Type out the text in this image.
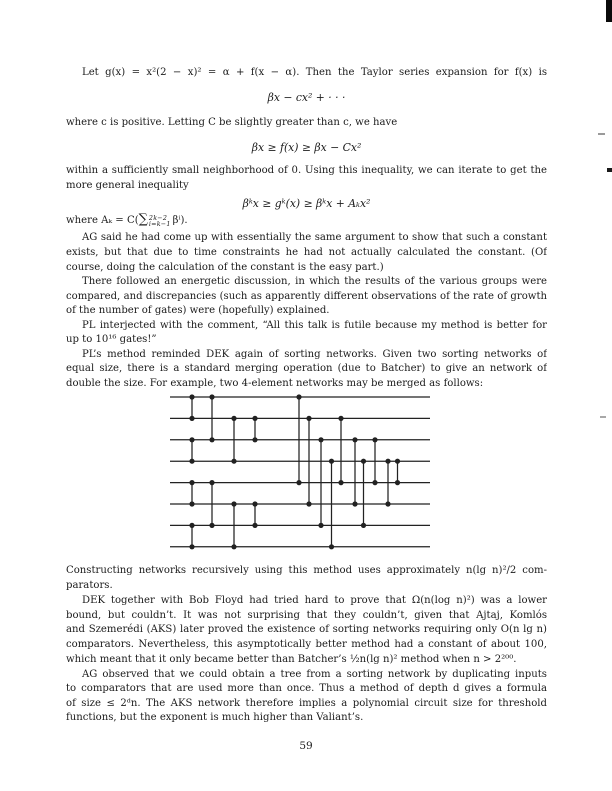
Let g(x) = x²(2 − x)² = α + f(x − α). Then the Taylor series expansion for f(x) is
βx − cx² + · · ·
where c is positive. Letting C be slightly greater than c, we have
βx ≥ f(x) ≥ βx − Cx²
within a sufficiently small neighborhood of 0. Using this inequality, we can iterate to get the
more general inequality
βᵏx ≥ gᵏ(x) ≥ βᵏx + Aₖx²
where Aₖ = C(∑ 2k−2
i=k−1 βⁱ).
AG said he had come up with essentially the same argument to show that such a constant
exists, but that due to time constraints he had not actually calculated the constant. (Of
course, doing the calculation of the constant is the easy part.)
There followed an energetic discussion, in which the results of the various groups were
compared, and discrepancies (such as apparently different observations of the rate of growth
of the number of gates) were (hopefully) explained.
PL interjected with the comment, “All this talk is futile because my method is better for
up to 10¹⁶ gates!”
PL’s method reminded DEK again of sorting networks. Given two sorting networks of
equal size, there is a standard merging operation (due to Batcher) to give an network of
double the size. For example, two 4-element networks may be merged as follows:
Constructing networks recursively using this method uses approximately n(lg n)²/2 com-
parators.
DEK together with Bob Floyd had tried hard to prove that Ω(n(log n)²) was a lower
bound, but couldn’t. It was not surprising that they couldn’t, given that Ajtaj, Komlós
and Szemerédi (AKS) later proved the existence of sorting networks requiring only O(n lg n)
comparators. Nevertheless, this asymptotically better method had a constant of about 100,
which meant that it only became better than Batcher’s ½n(lg n)² method when n > 2²⁰⁰.
AG observed that we could obtain a tree from a sorting network by duplicating inputs
to comparators that are used more than once. Thus a method of depth d gives a formula
of size ≤ 2ᵈn. The AKS network therefore implies a polynomial circuit size for threshold
functions, but the exponent is much higher than Valiant’s.
59
